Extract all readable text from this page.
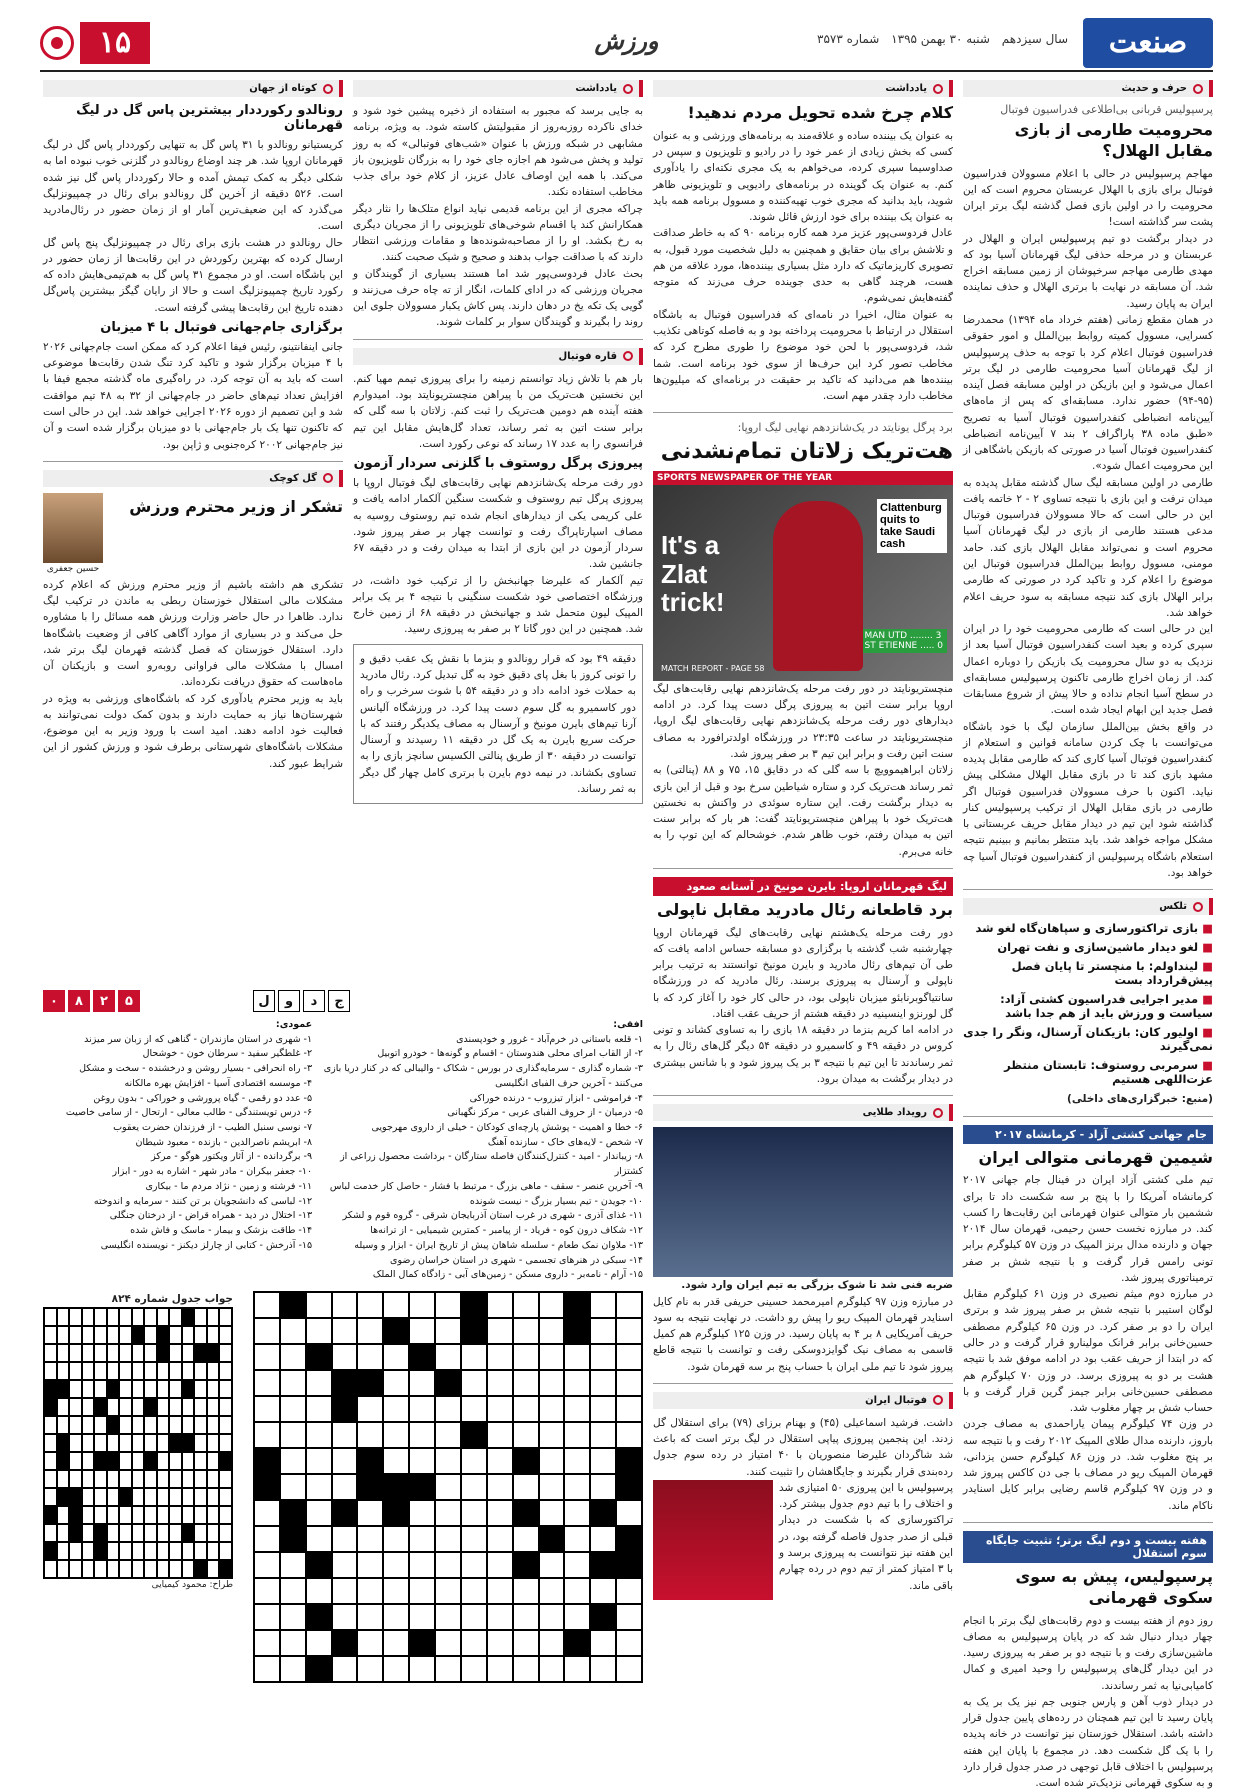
صنعت
سال سیزدهم شنبه ۳۰ بهمن ۱۳۹۵ شماره ۳۵۷۳
ورزش
۱۵
حرف و حدیث
پرسپولیس قربانی بی‌اطلاعی فدراسیون فوتبال
محرومیت طارمی از بازی مقابل الهلال؟

مهاجم پرسپولیس در حالی با اعلام مسوولان فدراسیون فوتبال برای بازی با الهلال عربستان محروم است که این محرومیت را در اولین بازی فصل گذشته لیگ برتر ایران پشت سر گذاشته است!

در دیدار برگشت دو تیم پرسپولیس ایران و الهلال در عربستان و در مرحله حذفی لیگ قهرمانان آسیا بود که مهدی طارمی مهاجم سرخپوشان از زمین مسابقه اخراج شد. آن مسابقه در نهایت با برتری الهلال و حذف نماینده ایران به پایان رسید.

در همان مقطع زمانی (هفتم خرداد ماه ۱۳۹۴) محمدرضا کسرایی، مسوول کمیته روابط بین‌الملل و امور حقوقی فدراسیون فوتبال اعلام کرد با توجه به حذف پرسپولیس از لیگ قهرمانان آسیا محرومیت طارمی در لیگ برتر اعمال می‌شود و این بازیکن در اولین مسابقه فصل آینده (۹۵-۹۴) حضور ندارد. مسابقه‌ای که پس از ماه‌های آیین‌نامه انضباطی کنفدراسیون فوتبال آسیا به تصریح «طبق ماده ۳۸ پاراگراف ۲ بند ۷ آیین‌نامه انضباطی کنفدراسیون فوتبال آسیا در صورتی که بازیکن باشگاهی از این محرومیت اعمال شود».

طارمی در اولین مسابقه لیگ سال گذشته مقابل پدیده به میدان نرفت و این بازی با نتیجه تساوی ۲ - ۲ خاتمه یافت این در حالی است که حالا مسوولان فدراسیون فوتبال مدعی هستند طارمی از بازی در لیگ قهرمانان آسیا محروم است و نمی‌تواند مقابل الهلال بازی کند. حامد مومنی، مسوول روابط بین‌الملل فدراسیون فوتبال این موضوع را اعلام کرد و تاکید کرد در صورتی که طارمی برابر الهلال بازی کند نتیجه مسابقه به سود حریف اعلام خواهد شد.

این در حالی است که طارمی محرومیت خود را در ایران سپری کرده و بعید است کنفدراسیون فوتبال آسیا بعد از نزدیک به دو سال محرومیت یک بازیکن را دوباره اعمال کند. از زمان اخراج طارمی تاکنون پرسپولیس مسابقه‌ای در سطح آسیا انجام نداده و حالا پیش از شروع مسابقات فصل جدید این ابهام ایجاد شده است.

در واقع بخش بین‌الملل سازمان لیگ با خود باشگاه می‌توانست با چک کردن سامانه قوانین و استعلام از کنفدراسیون فوتبال آسیا کاری کند که طارمی مقابل پدیده مشهد بازی کند تا در بازی مقابل الهلال مشکلی پیش نیاید. اکنون با حرف مسوولان فدراسیون فوتبال اگر طارمی در بازی مقابل الهلال از ترکیب پرسپولیس کنار گذاشته شود این تیم در دیدار مقابل حریف عربستانی با مشکل مواجه خواهد شد. باید منتظر بمانیم و ببینیم نتیجه استعلام باشگاه پرسپولیس از کنفدراسیون فوتبال آسیا چه خواهد بود.

تلکس
■ بازی تراکتورسازی و سپاهان‌گاه لغو شد
■ لغو دیدار ماشین‌سازی و نفت تهران
■ لینداولم: با منچستر تا پایان فصل پیش‌قرارداد بست
■ مدیر اجرایی فدراسیون کشتی آزاد: سیاست و ورزش باید از هم جدا باشد
■ اولیور کان: بازیکنان آرسنال، ونگر را جدی نمی‌گیرند
■ سرمربی روستوف: تابستان منتظر عزت‌اللهی هستیم
(منبع: خبرگزاری‌های داخلی)
جام جهانی کشتی آزاد - کرمانشاه ۲۰۱۷
شیمین قهرمانی متوالی ایران

تیم ملی کشتی آزاد ایران در فینال جام جهانی ۲۰۱۷ کرمانشاه آمریکا را با پنج بر سه شکست داد تا برای ششمین بار متوالی عنوان قهرمانی این رقابت‌ها را کسب کند. در مبارزه نخست حسن رحیمی، قهرمان سال ۲۰۱۴ جهان و دارنده مدال برنز المپیک در وزن ۵۷ کیلوگرم برابر تونی رامس قرار گرفت و با نتیجه شش بر صفر ترمیناتوری پیروز شد.

در مبارزه دوم میثم نصیری در وزن ۶۱ کیلوگرم مقابل لوگان استیبر با نتیجه شش بر صفر پیروز شد و برتری ایران را دو بر صفر کرد. در وزن ۶۵ کیلوگرم مصطفی حسین‌خانی برابر فرانک مولینارو قرار گرفت و در حالی که در ابتدا از حریف عقب بود در ادامه موفق شد با نتیجه هشت بر دو به پیروزی برسد. در وزن ۷۰ کیلوگرم هم مصطفی حسین‌خانی برابر جیمز گرین قرار گرفت و با حساب شش بر چهار مغلوب شد.

در وزن ۷۴ کیلوگرم پیمان یاراحمدی به مصاف جردن باروز، دارنده مدال طلای المپیک ۲۰۱۲ رفت و با نتیجه سه بر پنج مغلوب شد. در وزن ۸۶ کیلوگرم حسن یزدانی، قهرمان المپیک ریو در مصاف با جی دن کاکس پیروز شد و در وزن ۹۷ کیلوگرم قاسم رضایی برابر کایل اسنایدر ناکام ماند.

هفته بیست و دوم لیگ برتر؛ تثبیت جایگاه سوم استقلال
پرسپولیس، پیش به سوی سکوی قهرمانی

روز دوم از هفته بیست و دوم رقابت‌های لیگ برتر با انجام چهار دیدار دنبال شد که در پایان پرسپولیس به مصاف ماشین‌سازی رفت و با نتیجه دو بر صفر به پیروزی رسید. در این دیدار گل‌های پرسپولیس را وحید امیری و کمال کامیابی‌نیا به ثمر رساندند.

در دیدار ذوب آهن و پارس جنوبی جم نیز یک بر یک به پایان رسید تا این تیم همچنان در رده‌های پایین جدول قرار داشته باشد. استقلال خوزستان نیز توانست در خانه پدیده را با یک گل شکست دهد. در مجموع با پایان این هفته پرسپولیس با اختلاف قابل توجهی در صدر جدول قرار دارد و به سکوی قهرمانی نزدیک‌تر شده است.

یادداشت
کلام چرخ شده تحویل مردم ندهید!

به عنوان یک بیننده ساده و علاقه‌مند به برنامه‌های ورزشی و به عنوان کسی که بخش زیادی از عمر خود را در رادیو و تلویزیون و سپس در صداوسیما سپری کرده، می‌خواهم به یک مجری نکته‌ای را یادآوری کنم. به عنوان یک گوینده در برنامه‌های رادیویی و تلویزیونی ظاهر شوید، باید بدانید که مجری خوب تهیه‌کننده و مسوول برنامه همه باید به عنوان یک بیننده برای خود ارزش قائل شوند.

عادل فردوسی‌پور عزیز مرد همه کاره برنامه ۹۰ که به خاطر صداقت و تلاشش برای بیان حقایق و همچنین به دلیل شخصیت مورد قبول، به تصویری کاریزماتیک که دارد مثل بسیاری بیننده‌ها، مورد علاقه من هم هست، هرچند گاهی به حدی جوینده حرف می‌زند که متوجه گفته‌هایش نمی‌شوم.

به عنوان مثال، اخیرا در نامه‌ای که فدراسیون فوتبال به باشگاه استقلال در ارتباط با محرومیت پرداخته بود و به فاصله کوتاهی تکذیب شد، فردوسی‌پور با لحن خود موضوع را طوری مطرح کرد که مخاطب تصور کرد این حرف‌ها از سوی خود برنامه است. شما بیننده‌ها هم می‌دانید که تاکید بر حقیقت در برنامه‌ای که میلیون‌ها مخاطب دارد چقدر مهم است.

برد پرگل یونایتد در یک‌شانزدهم نهایی لیگ اروپا:
هت‌تریک زلاتان تمام‌نشدنی
SPORTS NEWSPAPER OF THE YEAR
It's a Zlat trick!
Clattenburg quits to take Saudi cash
MAN UTD ........ 3
ST ETIENNE ..... 0
MATCH REPORT - PAGE 58

منچستریونایتد در دور رفت مرحله یک‌شانزدهم نهایی رقابت‌های لیگ اروپا برابر سنت اتین به پیروزی پرگل دست پیدا کرد. در ادامه دیدارهای دور رفت مرحله یک‌شانزدهم نهایی رقابت‌های لیگ اروپا، منچستریونایتد در ساعت ۲۳:۳۵ در ورزشگاه اولدترافورد به مصاف سنت اتین رفت و برابر این تیم ۳ بر صفر پیروز شد.

زلاتان ابراهیموویچ با سه گلی که در دقایق ۱۵، ۷۵ و ۸۸ (پنالتی) به ثمر رساند هت‌تریک کرد و ستاره شیاطین سرخ بود و قبل از این بازی به دیدار برگشت رفت. این ستاره سوئدی در واکنش به نخستین هت‌تریک خود با پیراهن منچستریونایتد گفت: هر بار که برابر سنت اتین به میدان رفتم، خوب ظاهر شدم. خوشحالم که این توپ را به خانه می‌برم.

لیگ قهرمانان اروپا: بایرن مونیخ در آستانه صعود
برد قاطعانه رئال مادرید مقابل ناپولی

دور رفت مرحله یک‌هشتم نهایی رقابت‌های لیگ قهرمانان اروپا چهارشنبه شب گذشته با برگزاری دو مسابقه حساس ادامه یافت که طی آن تیم‌های رئال مادرید و بایرن مونیخ توانستند به ترتیب برابر ناپولی و آرسنال به پیروزی برسند. رئال مادرید که در ورزشگاه سانتیاگوبرنابئو میزبان ناپولی بود، در حالی کار خود را آغاز کرد که با گل لورنزو اینسینیه در دقیقه هشتم از حریف عقب افتاد.

در ادامه اما کریم بنزما در دقیقه ۱۸ بازی را به تساوی کشاند و تونی کروس در دقیقه ۴۹ و کاسمیرو در دقیقه ۵۴ دیگر گل‌های رئال را به ثمر رساندند تا این تیم با نتیجه ۳ بر یک پیروز شود و با شانس بیشتری در دیدار برگشت به میدان برود.

رویداد طلایی
ضربه فنی شد تا شوک بزرگی به تیم ایران وارد شود.

در مبارزه وزن ۹۷ کیلوگرم امیرمحمد حسینی حریفی قدر به نام کایل اسنایدر قهرمان المپیک ریو را پیش رو داشت. در نهایت نتیجه به سود حریف آمریکایی ۸ بر ۴ به پایان رسید. در وزن ۱۲۵ کیلوگرم هم کمیل قاسمی به مصاف نیک گوایزدوسکی رفت و توانست با نتیجه قاطع پیروز شود تا تیم ملی ایران با حساب پنج بر سه قهرمان شود.

فوتبال ایران

داشت. فرشید اسماعیلی (۴۵) و بهنام برزای (۷۹) برای استقلال گل زدند. این پنجمین پیروزی پیاپی استقلال در لیگ برتر است که باعث شد شاگردان علیرضا منصوریان با ۴۰ امتیاز در رده سوم جدول رده‌بندی قرار بگیرند و جایگاهشان را تثبیت کنند.

پرسپولیس با این پیروزی ۵۰ امتیازی شد و اختلاف را با تیم دوم جدول بیشتر کرد. تراکتورسازی که با شکست در دیدار قبلی از صدر جدول فاصله گرفته بود، در این هفته نیز نتوانست به پیروزی برسد و با ۳ امتیاز کمتر از تیم دوم در رده چهارم باقی ماند.

یادداشت

به جایی برسد که مجبور به استفاده از ذخیره پیشین خود شود و خدای ناکرده روزبه‌روز از مقبولیتش کاسته شود. به ویژه، برنامه مشابهی در شبکه ورزش با عنوان «شب‌های فوتبالی» که به روز تولید و پخش می‌شود هم اجازه جای خود را به بزرگان تلویزیون باز می‌کند. با همه این اوصاف عادل عزیز، از کلام خود برای جذب مخاطب استفاده نکند.

چراکه مجری از این برنامه قدیمی نیاید انواع متلک‌ها را نثار دیگر همکارانش کند یا اقسام شوخی‌های تلویزیونی را از مجریان دیگری به رخ بکشد. او را از مصاحبه‌شونده‌ها و مقامات ورزشی انتظار دارند که با صداقت جواب بدهند و صحیح و شیک صحبت کنند.

بحث عادل فردوسی‌پور شد اما هستند بسیاری از گویندگان و مجریان ورزشی که در ادای کلمات، انگار از ته چاه حرف می‌زنند و گویی یک تکه یخ در دهان دارند. پس کاش یکبار مسوولان جلوی این روند را بگیرند و گویندگان سوار بر کلمات شوند.

قاره فوتبال

بار هم با تلاش زیاد توانستم زمینه را برای پیروزی تیمم مهیا کنم. این نخستین هت‌تریک من با پیراهن منچستریونایتد بود. امیدوارم هفته آینده هم دومین هت‌تریک را ثبت کنم. زلاتان با سه گلی که برابر سنت اتین به ثمر رساند، تعداد گل‌هایش مقابل این تیم فرانسوی را به عدد ۱۷ رساند که نوعی رکورد است.

پیروزی پرگل روستوف با گلزنی سردار آزمون

دور رفت مرحله یک‌شانزدهم نهایی رقابت‌های لیگ فوتبال اروپا با پیروزی پرگل تیم روستوف و شکست سنگین آلکمار ادامه یافت و علی کریمی یکی از دیدارهای انجام شده تیم روستوف روسیه به مصاف اسپارتاپراگ رفت و توانست چهار بر صفر پیروز شود. سردار آزمون در این بازی از ابتدا به میدان رفت و در دقیقه ۶۷ جانشین شد.

تیم آلکمار که علیرضا جهانبخش را از ترکیب خود داشت، در ورزشگاه اختصاصی خود شکست سنگینی با نتیجه ۴ بر یک برابر المپیک لیون متحمل شد و جهانبخش در دقیقه ۶۸ از زمین خارج شد. همچنین در این دور گاتا ۲ بر صفر به پیروزی رسید.

دقیقه ۴۹ بود که قرار رونالدو و بنزما با نقش یک عقب دقیق و را تونی کروز با بغل پای دقیق خود به گل تبدیل کرد. رئال مادرید به حملات خود ادامه داد و در دقیقه ۵۴ با شوت سرخرب و راه دور کاسمیرو به گل سوم دست پیدا کرد. در ورزشگاه آلیانس آرنا تیم‌های بایرن مونیخ و آرسنال به مصاف یکدیگر رفتند که با حرکت سریع بایرن به یک گل در دقیقه ۱۱ رسیدند و آرسنال توانست در دقیقه ۳۰ از طریق پنالتی الکسیس سانچز بازی را به تساوی بکشاند. در نیمه دوم بایرن با برتری کامل چهار گل دیگر به ثمر رساند.
کوتاه از جهان
رونالدو رکورددار بیشترین پاس گل در لیگ قهرمانان

کریستیانو رونالدو با ۳۱ پاس گل به تنهایی رکورددار پاس گل در لیگ قهرمانان اروپا شد. هر چند اوضاع رونالدو در گلزنی خوب نبوده اما به شکلی دیگر به کمک تیمش آمده و حالا رکورددار پاس گل نیز شده است. ۵۲۶ دقیقه از آخرین گل رونالدو برای رئال در چمپیونزلیگ می‌گذرد که این ضعیف‌ترین آمار او از زمان حضور در رئال‌مادرید است.

حال رونالدو در هشت بازی برای رئال در چمپیونزلیگ پنج پاس گل ارسال کرده که بهترین رکوردش در این رقابت‌ها از زمان حضور در این باشگاه است. او در مجموع ۳۱ پاس گل به هم‌تیمی‌هایش داده که رکورد تاریخ چمپیونزلیگ است و حالا از رایان گیگز بیشترین پاس‌گل دهنده تاریخ این رقابت‌ها پیشی گرفته است.

برگزاری جام‌جهانی فوتبال با ۴ میزبان

جانی اینفانتینو، رئیس فیفا اعلام کرد که ممکن است جام‌جهانی ۲۰۲۶ با ۴ میزبان برگزار شود و تاکید کرد تنگ شدن رقابت‌ها موضوعی است که باید به آن توجه کرد. در راه‌گیری ماه گذشته مجمع فیفا با افزایش تعداد تیم‌های حاضر در جام‌جهانی از ۳۲ به ۴۸ تیم موافقت شد و این تصمیم از دوره ۲۰۲۶ اجرایی خواهد شد. این در حالی است که تاکنون تنها یک بار جام‌جهانی با دو میزبان برگزار شده است و آن نیز جام‌جهانی ۲۰۰۲ کره‌جنوبی و ژاپن بود.

گل کوچک
تشکر از وزیر محترم ورزش
حسین جعفری

تشکری هم داشته باشیم از وزیر محترم ورزش که اعلام کرده مشکلات مالی استقلال خوزستان ربطی به ماندن در ترکیب لیگ ندارد. ظاهرا در حال حاضر وزارت ورزش همه مسائل را با مشاوره حل می‌کند و در بسیاری از موارد آگاهی کافی از وضعیت باشگاه‌ها دارد. استقلال خوزستان که فصل گذشته قهرمان لیگ برتر شد، امسال با مشکلات مالی فراوانی روبه‌رو است و بازیکنان آن ماه‌هاست که حقوق دریافت نکرده‌اند.

باید به وزیر محترم یادآوری کرد که باشگاه‌های ورزشی به ویژه در شهرستان‌ها نیاز به حمایت دارند و بدون کمک دولت نمی‌توانند به فعالیت خود ادامه دهند. امید است با ورود وزیر به این موضوع، مشکلات باشگاه‌های شهرستانی برطرف شود و ورزش کشور از این شرایط عبور کند.

ج
د
و
ل
۵
۲
۸
۰
افقی:
۱- قلعه باستانی در خرم‌آباد - غرور و خودپسندی
۲- از القاب امرای محلی هندوستان - اقسام و گونه‌ها - خودرو اتوبیل
۳- شماره گذاری - سرمایه‌گذاری در بورس - شکاک - والیبالی که در کنار دریا بازی می‌کنند - آخرین حرف الفبای انگلیسی
۴- فراموشی - ابزار تیزروب - درنده خوراکی
۵- درمیان - از حروف الفبای عربی - مرکز نگهبانی
۶- خطا و اهمیت - پوشش پارچه‌ای کودکان - خیلی از داروی مهرجویی
۷- شخص - لایه‌های خاک - سازنده آهنگ
۸- زیبا‌ندار - امید - کنترل‌کنندگان فاصله ستارگان - برداشت محصول زراعی از کشتزار
۹- آخرین عنصر - سقف - ماهی بزرگ - مرتبط با فشار - حاصل کار خدمت لباس
۱۰- جویدن - تیم بسیار بزرگ - نیست شونده
۱۱- غذای آذری - شهری در غرب استان آذربایجان شرقی - گروه قوم و لشکر
۱۲- شکاف درون کوه - فریاد - از پیامبر - کمترین شیمیایی - از ترانه‌ها
۱۳- ملاوان نمک طعام - سلسله شاهان پیش از تاریخ ایران - ابزار و وسیله
۱۴- سبکی در هنرهای تجسمی - شهری در استان خراسان رضوی
۱۵- آرام - نامه‌بر - داروی مسکن - زمین‌های آبی - زادگاه کمال الملک
عمودی:
۱- شهری در استان مازندران - گناهی که از زبان سر میزند
۲- غلطگیر سفید - سرطان خون - خوشحال
۳- راه انحرافی - بسیار روشن و درخشنده - سخت و مشکل
۴- موسسه اقتصادی آسیا - افزایش بهره مالکانه
۵- عدد دو رقمی - گیاه پرورشی و خوراکی - بدون روغن
۶- درس تویستندگی - طالب معالی - ارتحال - از سامی خاصیت
۷- نوسی سنبل الطیب - از فرزندان حضرت یعقوب
۸- ابریشم ناصرالدین - بازنده - معبود شیطان
۹- برگردانده - از آثار ویکتور هوگو - مرکز
۱۰- جعفر بیکران - مادر شهر - اشاره به دور - ابزار
۱۱- فرشته و زمین - نژاد مردم ما - بیکاری
۱۲- لباسی که دانشجویان بر تن کنند - سرمایه و اندوخته
۱۳- اختلال در دید - همراه قراض - از درختان جنگلی
۱۴- طاقت بزشک و بیمار - ماسک و فاش شده
۱۵- آذرخش - کتابی از چارلز دیکنز - نویسنده انگلیسی
جواب جدول شماره ۸۲۴
طراح: محمود کیمیایی
